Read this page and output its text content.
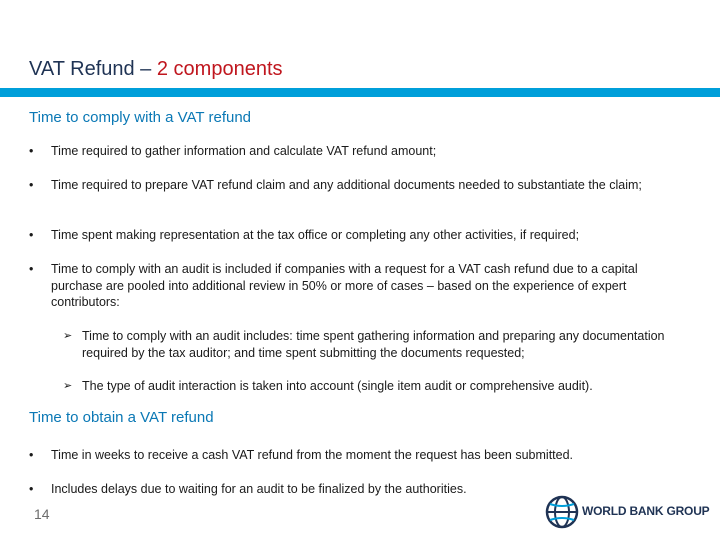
VAT Refund – 2 components
Time to comply with a VAT refund
• Time required to gather information and calculate VAT refund amount;
• Time required to prepare VAT refund claim and any additional documents needed to substantiate the claim;
• Time spent making representation at the tax office or completing any other activities, if required;
• Time to comply with an audit is included if companies with a request for a VAT cash refund due to a capital purchase are pooled into additional review in 50% or more of cases – based on the experience of expert contributors:
➢ Time to comply with an audit includes: time spent gathering information and preparing any documentation required by the tax auditor; and time spent submitting the documents requested;
➢ The type of audit interaction is taken into account (single item audit or comprehensive audit).
Time to obtain a VAT refund
• Time in weeks to receive a cash VAT refund from the moment the request has been submitted.
• Includes delays due to waiting for an audit to be finalized by the authorities.
14	WORLD BANK GROUP
